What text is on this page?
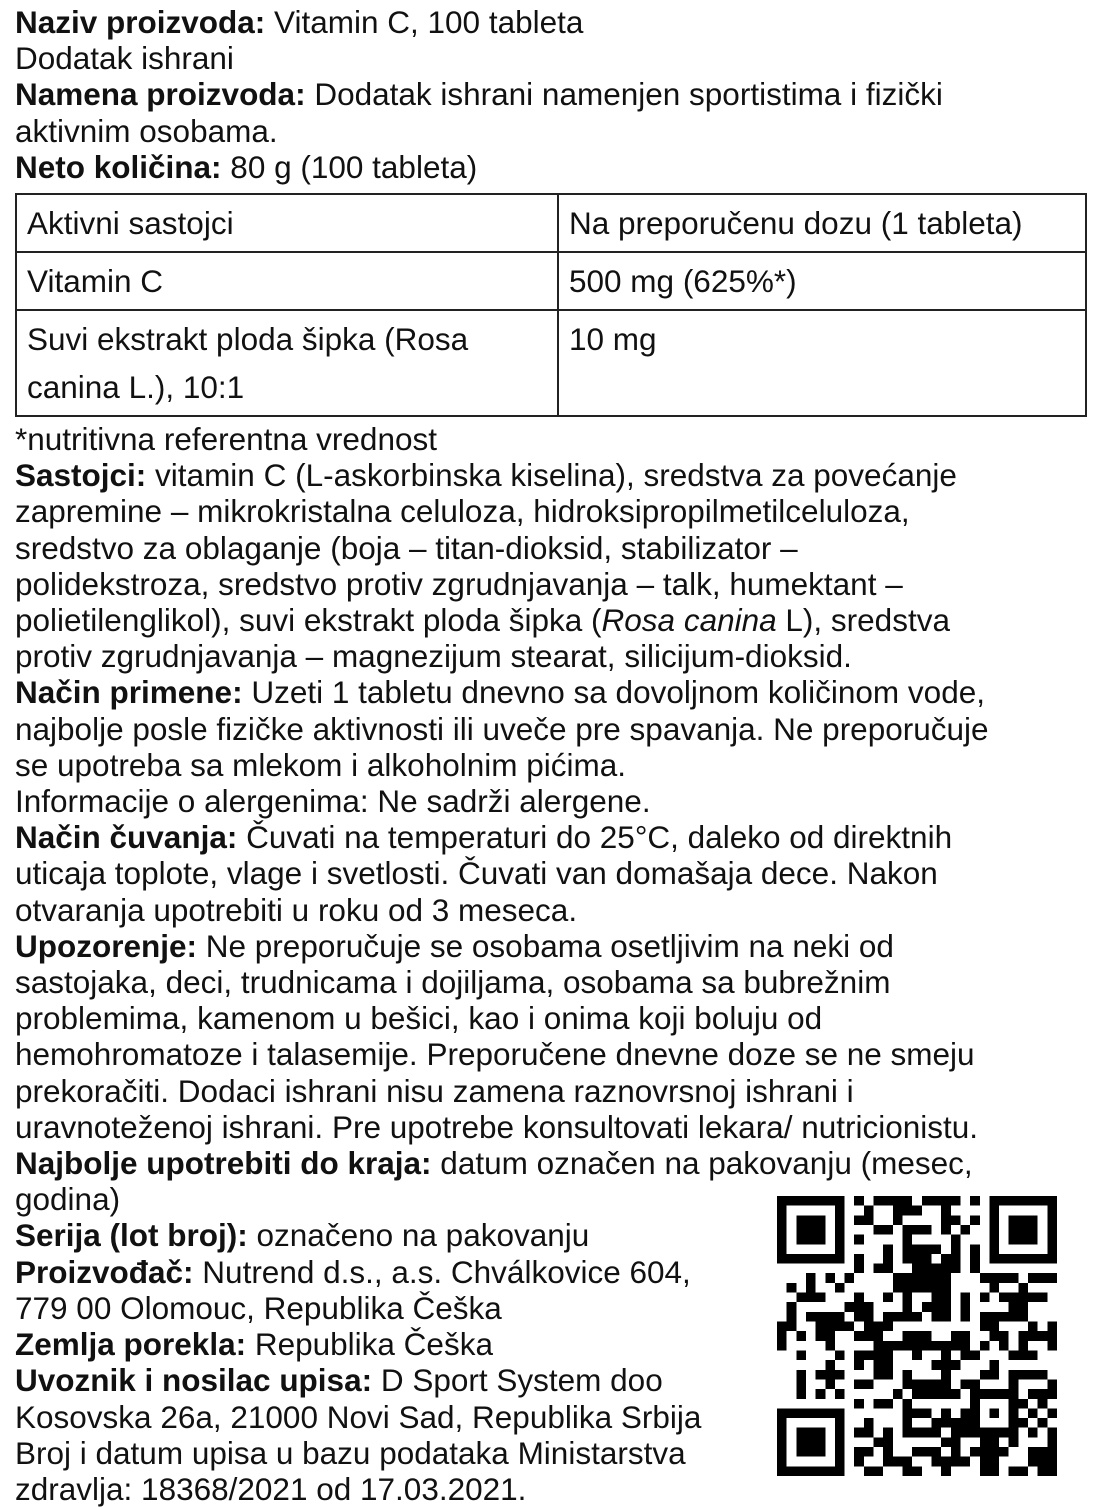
Naziv proizvoda: Vitamin C, 100 tableta
Dodatak ishrani
Namena proizvoda: Dodatak ishrani namenjen sportistima i fizički
aktivnim osobama.
Neto količina: 80 g (100 tableta)
Aktivni sastojci	Na preporučenu dozu (1 tableta)
Vitamin C	500 mg (625%*)

Suvi ekstrakt ploda šipka (Rosa
canina L.), 10:1	10 mg
*nutritivna referentna vrednost
Sastojci: vitamin C (L-askorbinska kiselina), sredstva za povećanje
zapremine – mikrokristalna celuloza, hidroksipropilmetilceluloza,
sredstvo za oblaganje (boja – titan-dioksid, stabilizator –
polidekstroza, sredstvo protiv zgrudnjavanja – talk, humektant –
polietilenglikol), suvi ekstrakt ploda šipka (Rosa canina L), sredstva
protiv zgrudnjavanja – magnezijum stearat, silicijum-dioksid.
Način primene: Uzeti 1 tabletu dnevno sa dovoljnom količinom vode,
najbolje posle fizičke aktivnosti ili uveče pre spavanja. Ne preporučuje
se upotreba sa mlekom i alkoholnim pićima.
Informacije o alergenima: Ne sadrži alergene.
Način čuvanja: Čuvati na temperaturi do 25°C, daleko od direktnih
uticaja toplote, vlage i svetlosti. Čuvati van domašaja dece. Nakon
otvaranja upotrebiti u roku od 3 meseca.
Upozorenje: Ne preporučuje se osobama osetljivim na neki od
sastojaka, deci, trudnicama i dojiljama, osobama sa bubrežnim
problemima, kamenom u bešici, kao i onima koji boluju od
hemohromatoze i talasemije. Preporučene dnevne doze se ne smeju
prekoračiti. Dodaci ishrani nisu zamena raznovrsnoj ishrani i
uravnoteženoj ishrani. Pre upotrebe konsultovati lekara/ nutricionistu.
Najbolje upotrebiti do kraja: datum označen na pakovanju (mesec,
godina)
Serija (lot broj): označeno na pakovanju
Proizvođač: Nutrend d.s., a.s. Chválkovice 604,
779 00 Olomouc, Republika Češka
Zemlja porekla: Republika Češka
Uvoznik i nosilac upisa: D Sport System doo
Kosovska 26a, 21000 Novi Sad, Republika Srbija
Broj i datum upisa u bazu podataka Ministarstva
zdravlja: 18368/2021 od 17.03.2021.
